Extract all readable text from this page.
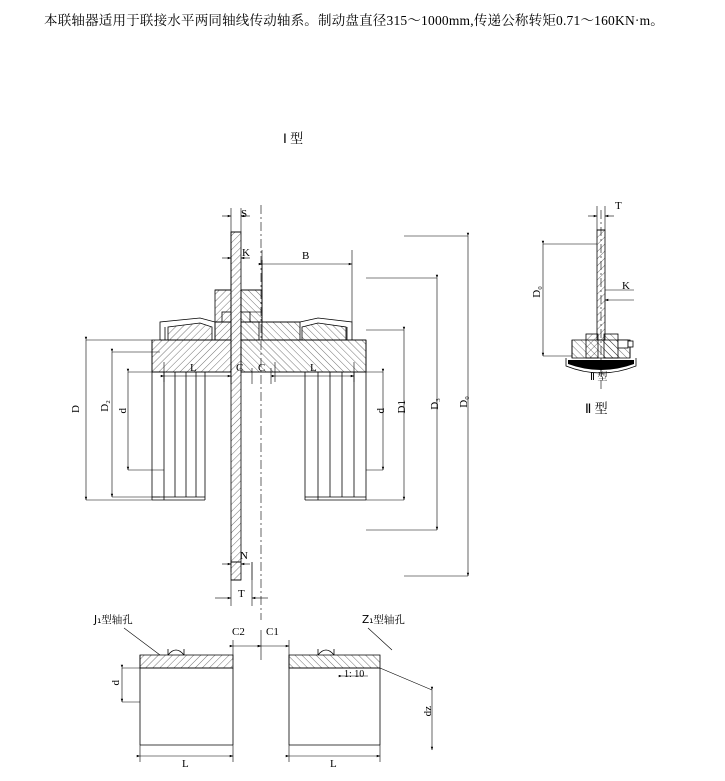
本联轴器适用于联接水平两同轴线传动轴系。制动盘直径315～1000mm,传递公称转矩0.71～160KN·m。
Ⅰ 型
Ⅱ 型
Ⅱ 型
S
K	B
D D₂ d	d D1 D₃ D₀
L	L
C C
N
T
T
K
D₀
J₁型轴孔	Z₁型轴孔
1: 10
C2 C1
d
dz
L	L
